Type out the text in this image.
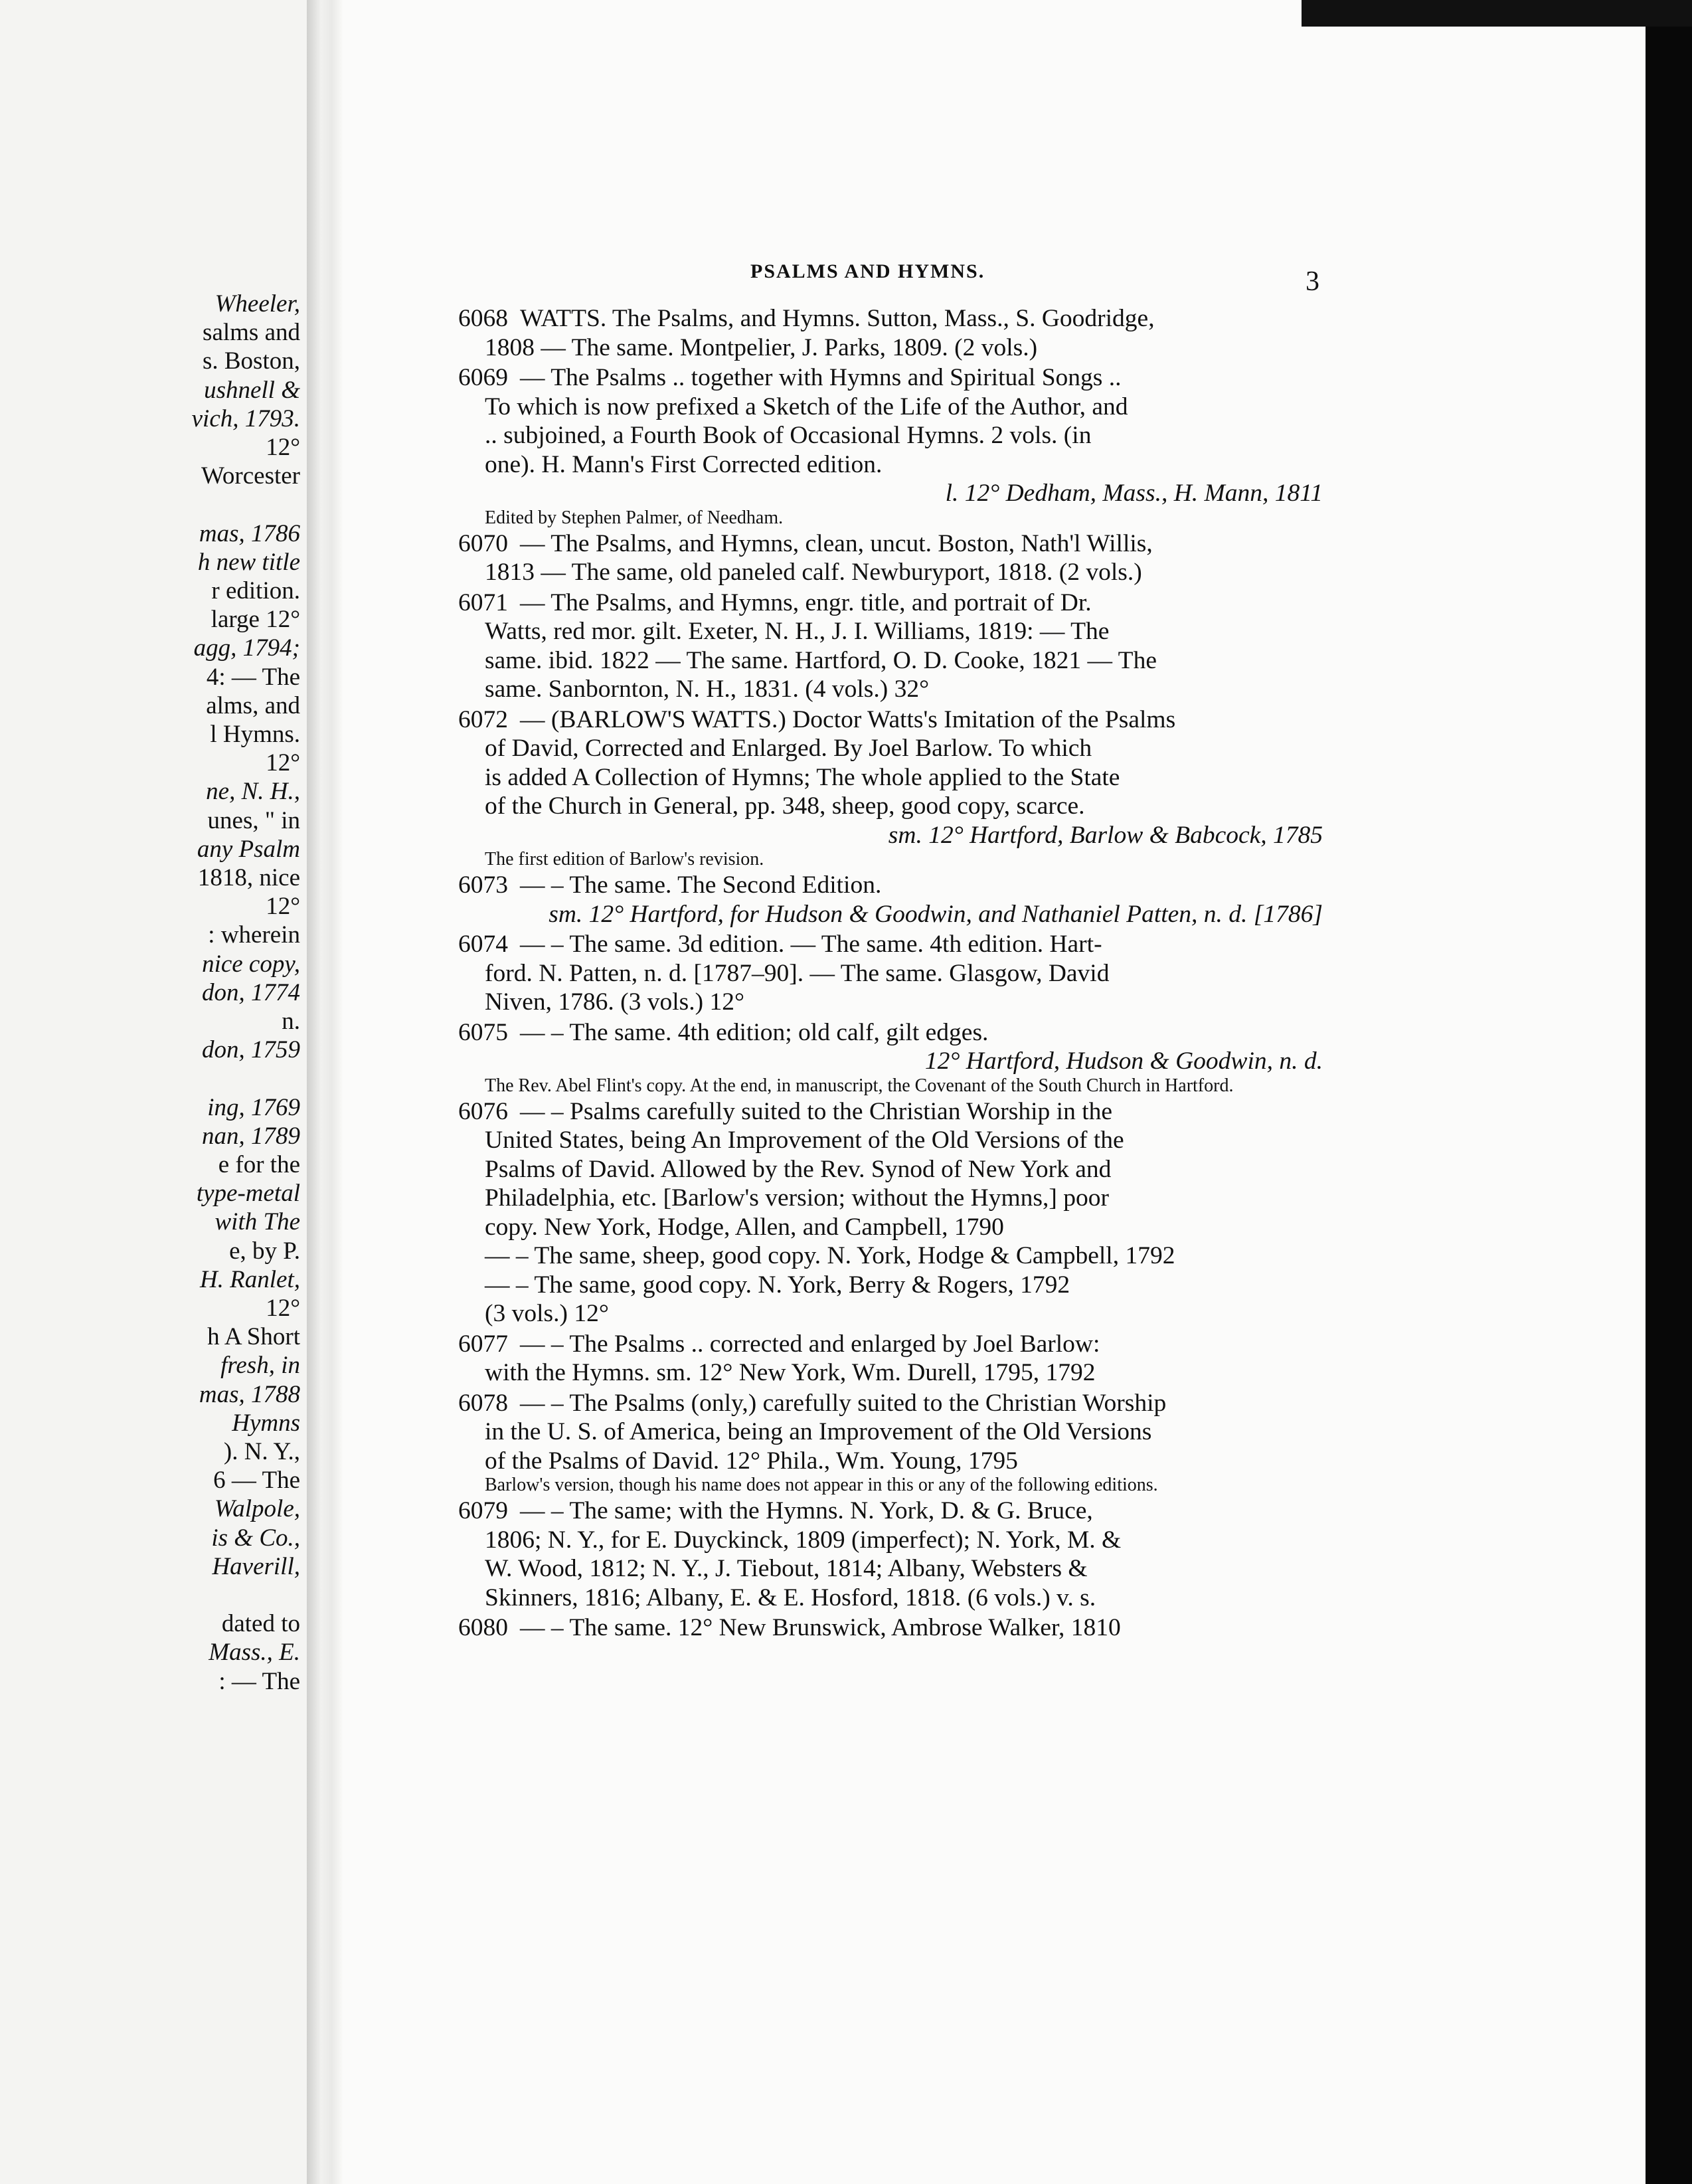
Wheeler,
salms and
s. Boston,
ushnell &
vich, 1793.
12°
Worcester
mas, 1786
h new title
r edition.
large 12°
agg, 1794;
4: — The
alms, and
l Hymns.
12°
ne, N. H.,
unes, " in
any Psalm
1818, nice
12°
: wherein
nice copy,
don, 1774
n.
don, 1759
ing, 1769
nan, 1789
e for the
type-metal
with The
e, by P.
H. Ranlet,
12°
h A Short
fresh, in
mas, 1788
Hymns
). N. Y.,
6 — The
Walpole,
is & Co.,
Haverill,
dated to
Mass., E.
: — The
PSALMS AND HYMNS.	3

6068 WATTS. The Psalms, and Hymns. Sutton, Mass., S. Goodridge,

1808 — The same. Montpelier, J. Parks, 1809. (2 vols.)

6069 — The Psalms .. together with Hymns and Spiritual Songs ..

To which is now prefixed a Sketch of the Life of the Author, and

.. subjoined, a Fourth Book of Occasional Hymns. 2 vols. (in

one). H. Mann's First Corrected edition.

l. 12° Dedham, Mass., H. Mann, 1811

Edited by Stephen Palmer, of Needham.

6070 — The Psalms, and Hymns, clean, uncut. Boston, Nath'l Willis,

1813 — The same, old paneled calf. Newburyport, 1818. (2 vols.)

6071 — The Psalms, and Hymns, engr. title, and portrait of Dr.

Watts, red mor. gilt. Exeter, N. H., J. I. Williams, 1819: — The

same. ibid. 1822 — The same. Hartford, O. D. Cooke, 1821 — The

same. Sanbornton, N. H., 1831. (4 vols.) 32°

6072 — (BARLOW'S WATTS.) Doctor Watts's Imitation of the Psalms

of David, Corrected and Enlarged. By Joel Barlow. To which

is added A Collection of Hymns; The whole applied to the State

of the Church in General, pp. 348, sheep, good copy, scarce.

sm. 12° Hartford, Barlow & Babcock, 1785

The first edition of Barlow's revision.

6073 — – The same. The Second Edition.

sm. 12° Hartford, for Hudson & Goodwin, and Nathaniel Patten, n. d. [1786]

6074 — – The same. 3d edition. — The same. 4th edition. Hart-

ford. N. Patten, n. d. [1787–90]. — The same. Glasgow, David

Niven, 1786. (3 vols.) 12°

6075 — – The same. 4th edition; old calf, gilt edges.

12° Hartford, Hudson & Goodwin, n. d.

The Rev. Abel Flint's copy. At the end, in manuscript, the Covenant of the South Church in Hartford.

6076 — – Psalms carefully suited to the Christian Worship in the

United States, being An Improvement of the Old Versions of the

Psalms of David. Allowed by the Rev. Synod of New York and

Philadelphia, etc. [Barlow's version; without the Hymns,] poor

copy. New York, Hodge, Allen, and Campbell, 1790

— – The same, sheep, good copy. N. York, Hodge & Campbell, 1792

— – The same, good copy. N. York, Berry & Rogers, 1792

(3 vols.) 12°

6077 — – The Psalms .. corrected and enlarged by Joel Barlow:

with the Hymns. sm. 12° New York, Wm. Durell, 1795, 1792

6078 — – The Psalms (only,) carefully suited to the Christian Worship

in the U. S. of America, being an Improvement of the Old Versions

of the Psalms of David. 12° Phila., Wm. Young, 1795

Barlow's version, though his name does not appear in this or any of the following editions.

6079 — – The same; with the Hymns. N. York, D. & G. Bruce,

1806; N. Y., for E. Duyckinck, 1809 (imperfect); N. York, M. &

W. Wood, 1812; N. Y., J. Tiebout, 1814; Albany, Websters &

Skinners, 1816; Albany, E. & E. Hosford, 1818. (6 vols.) v. s.

6080 — – The same. 12° New Brunswick, Ambrose Walker, 1810
